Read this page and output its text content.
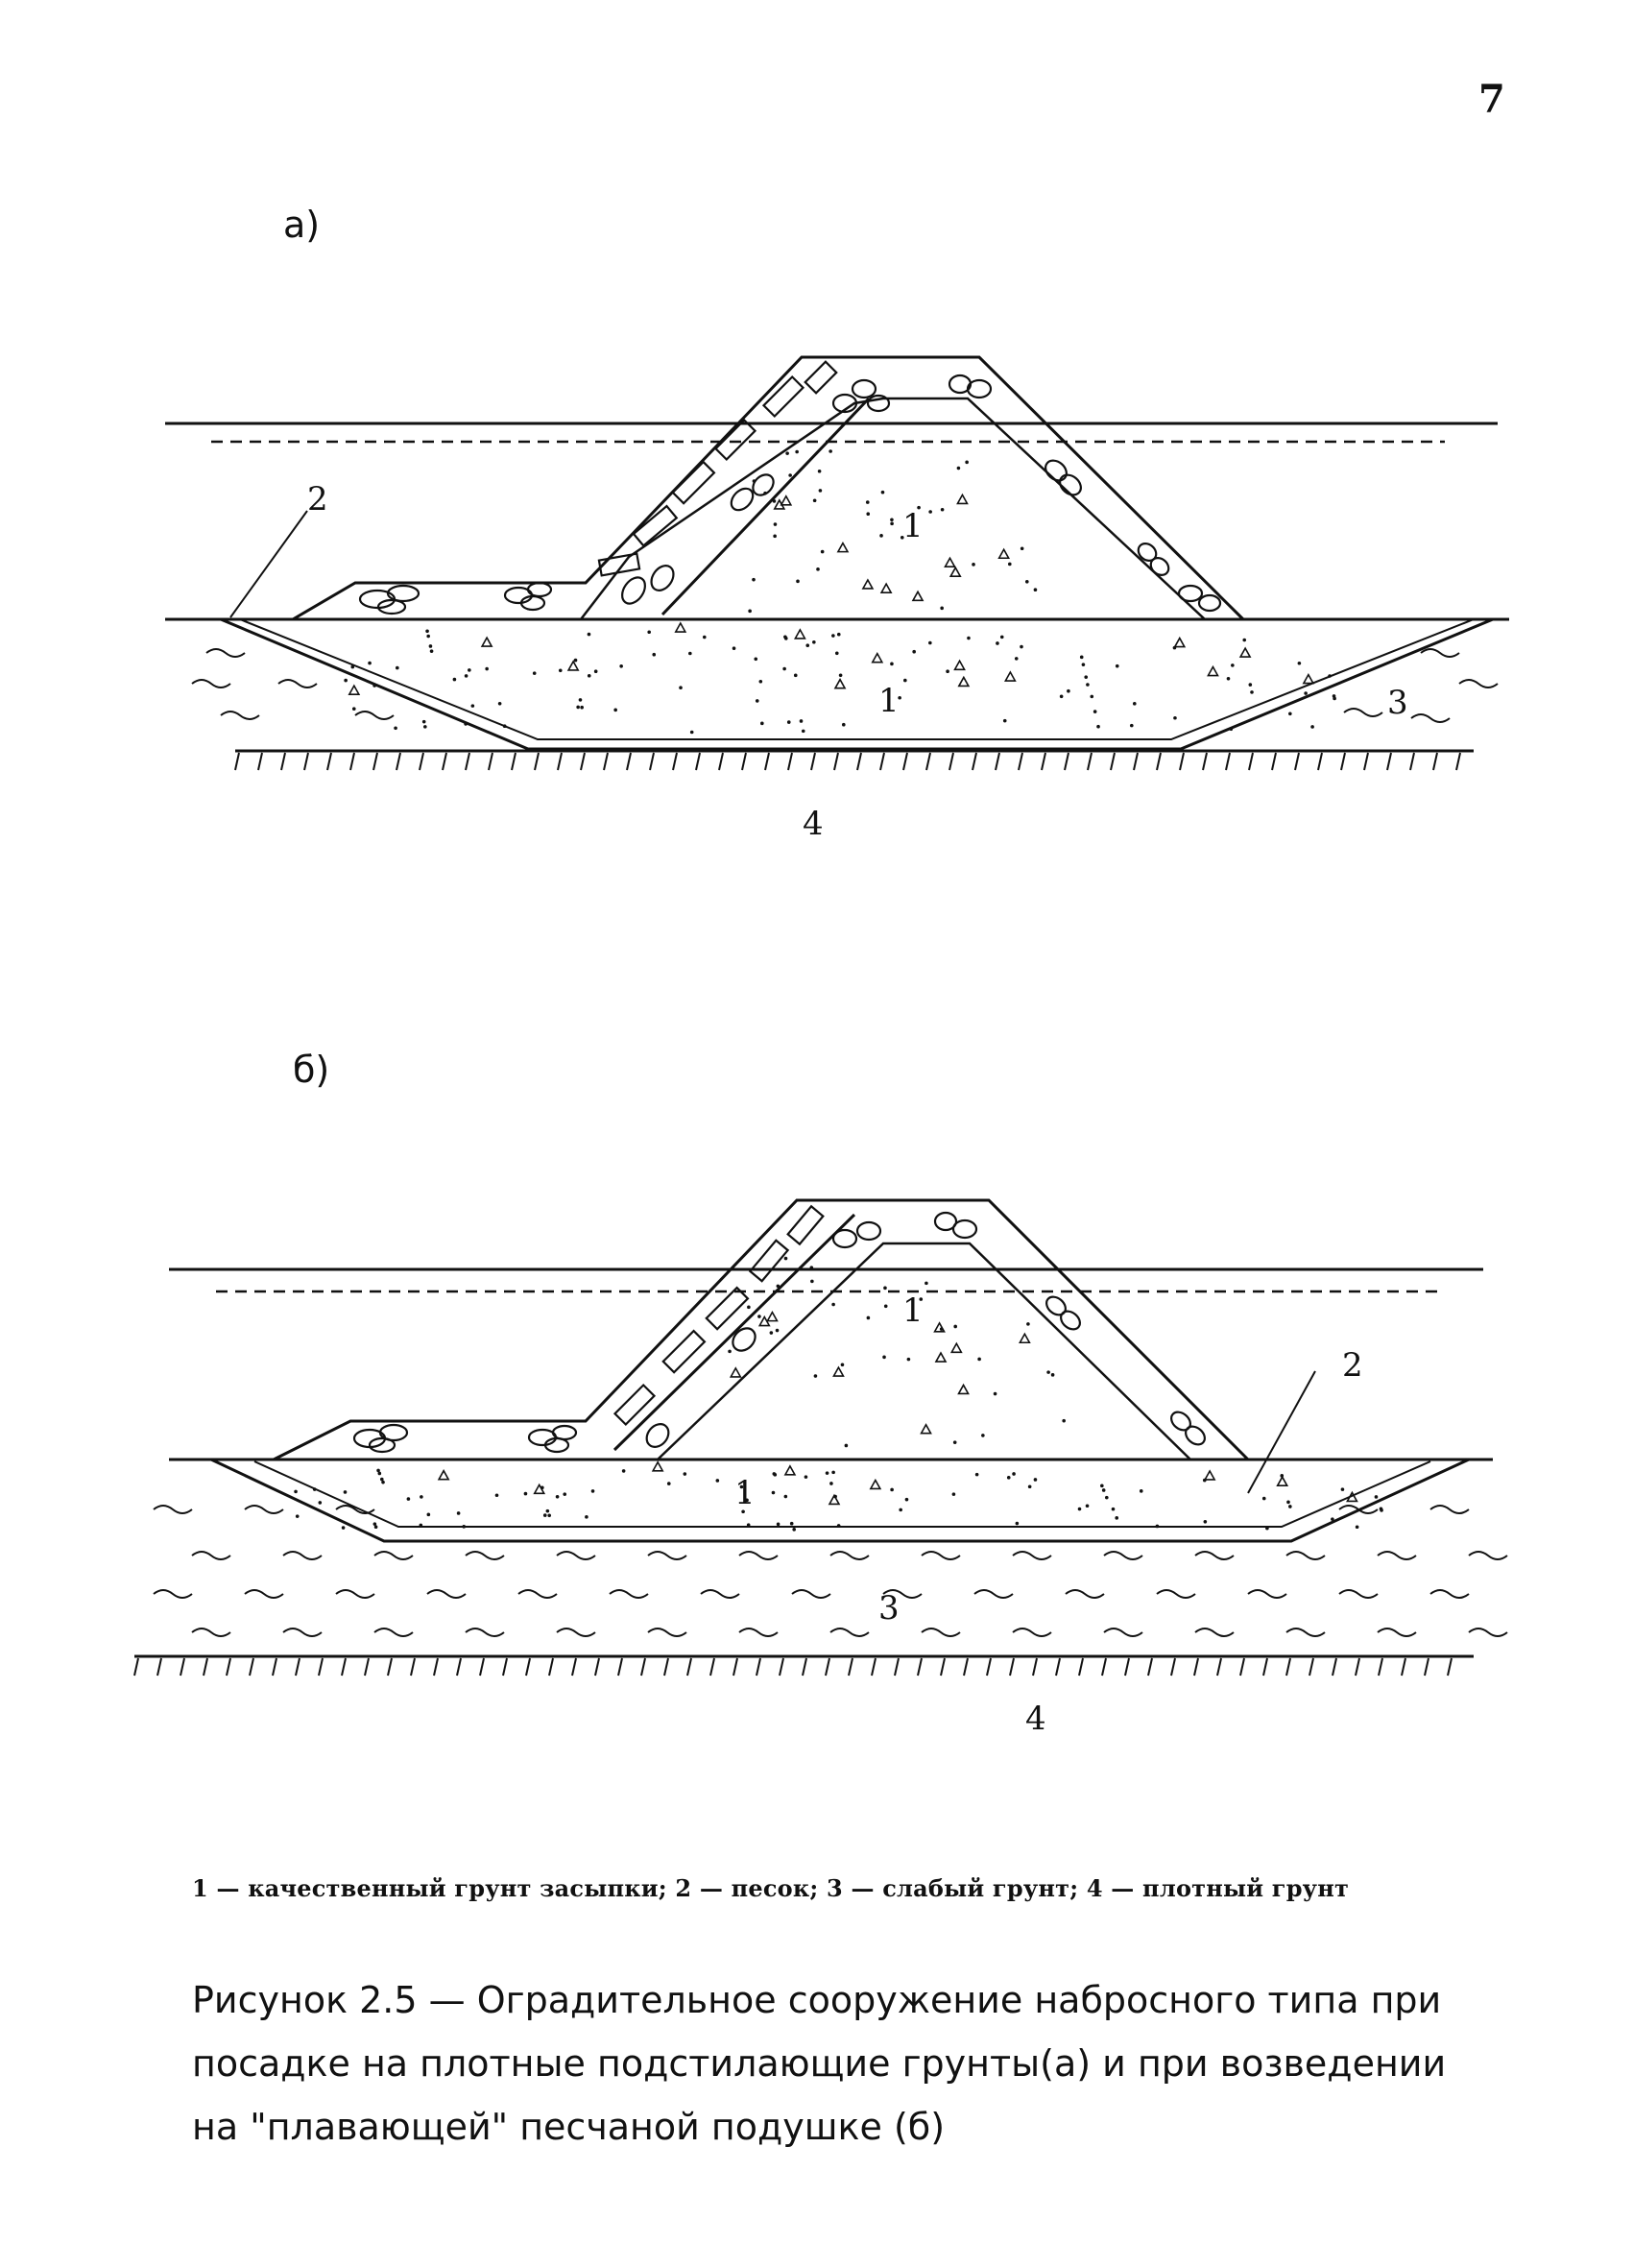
7
а)
1
1
2
3
4
б)
1
1
2
3
4
1 — качественный грунт засыпки; 2 — песок; 3 — слабый грунт; 4 — плотный грунт
Рисунок 2.5 — Оградительное сооружение набросного типа при посадке на плотные подстилающие грунты(а) и при возведении на "плавающей" песчаной подушке (б)
